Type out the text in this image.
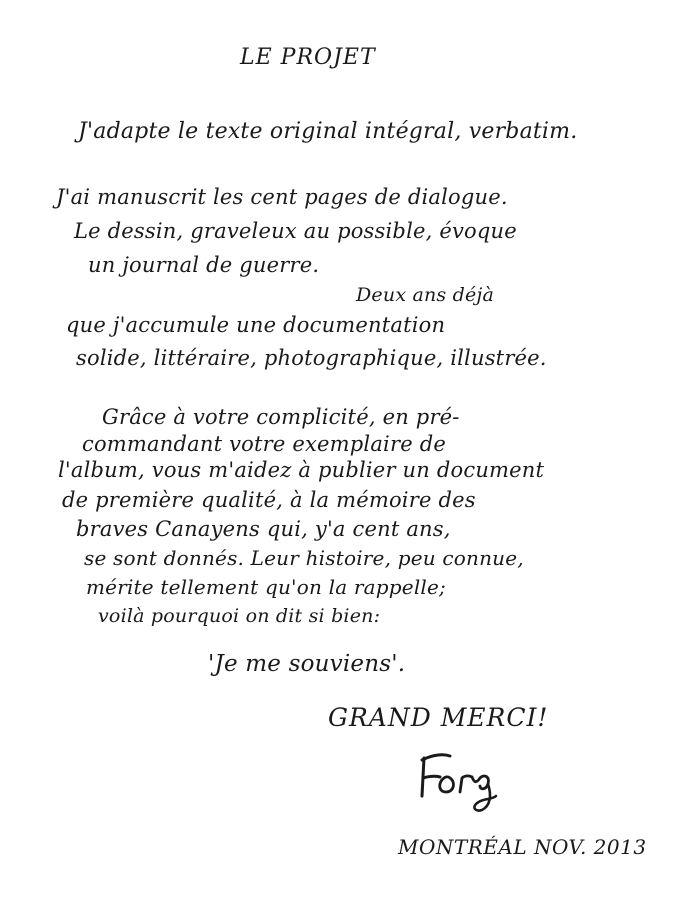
LE PROJET
J'adapte le texte original intégral, verbatim.
J'ai manuscrit les cent pages de dialogue.
Le dessin, graveleux au possible, évoque
un journal de guerre.
Deux ans déjà
que j'accumule une documentation
solide, littéraire, photographique, illustrée.
Grâce à votre complicité, en pré-
commandant votre exemplaire de
l'album, vous m'aidez à publier un document
de première qualité, à la mémoire des
braves Canayens qui, y'a cent ans,
se sont donnés. Leur histoire, peu connue,
mérite tellement qu'on la rappelle;
voilà pourquoi on dit si bien:
'Je me souviens'.
GRAND MERCI!
MONTRÉAL NOV. 2013
